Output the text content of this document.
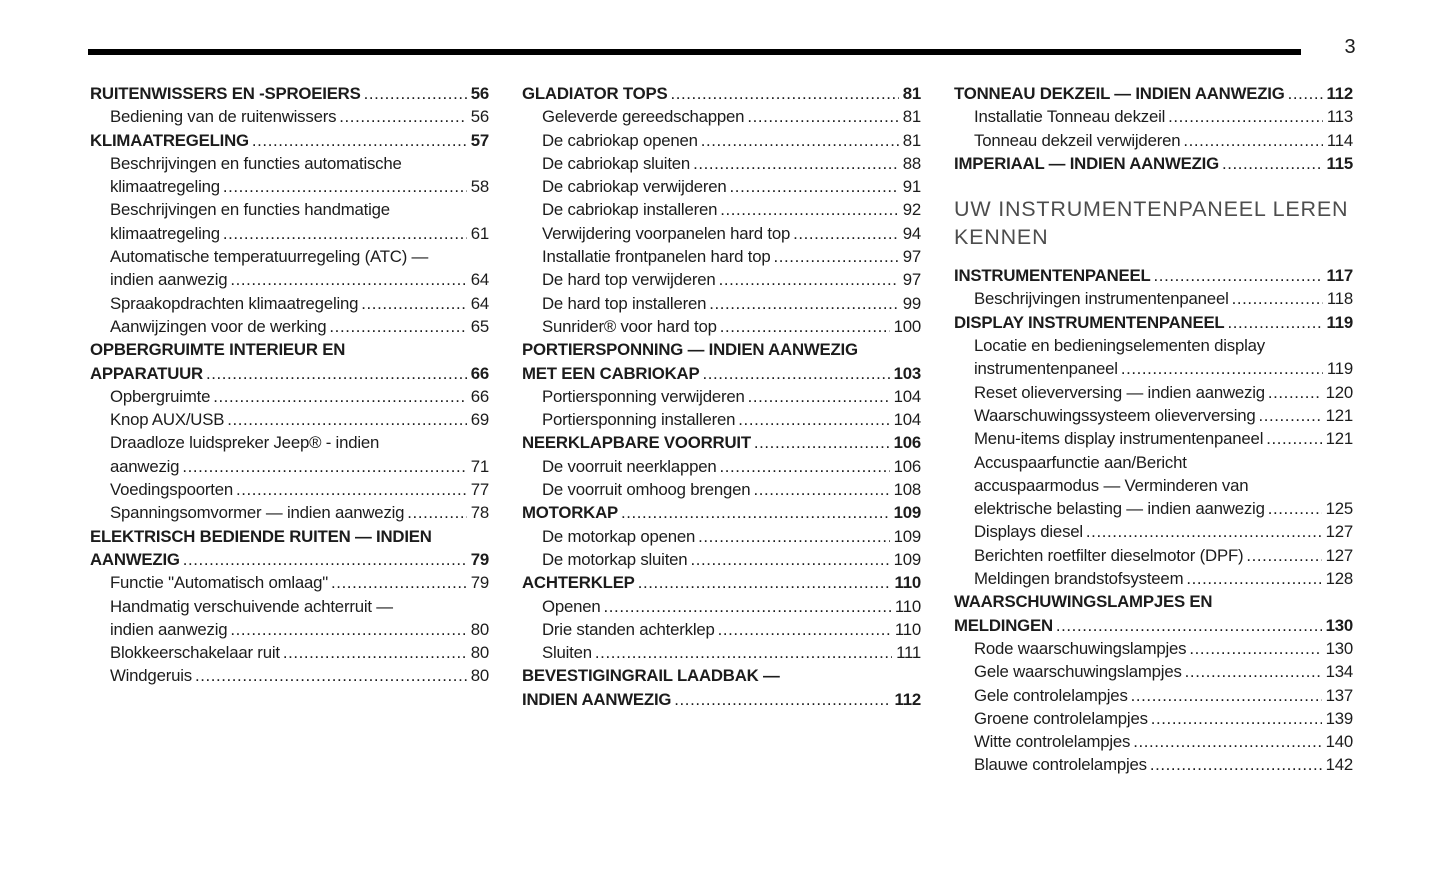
3
RUITENWISSERS EN -SPROEIERS .....	56
Bediening van de ruitenwissers .....	56
KLIMAATREGELING .....	57
Beschrijvingen en functies automatische
klimaatregeling .....	58
Beschrijvingen en functies handmatige
klimaatregeling .....	61
Automatische temperatuurregeling (ATC) —
indien aanwezig .....	64
Spraakopdrachten klimaatregeling .....	64
Aanwijzingen voor de werking .....	65
OPBERGRUIMTE INTERIEUR EN
APPARATUUR .....	66
Opbergruimte .....	66
Knop AUX/USB .....	69
Draadloze luidspreker Jeep® - indien
aanwezig .....	71
Voedingspoorten .....	77
Spanningsomvormer — indien aanwezig .....	78
ELEKTRISCH BEDIENDE RUITEN — INDIEN
AANWEZIG .....	79
Functie "Automatisch omlaag" .....	79
Handmatig verschuivende achterruit —
indien aanwezig .....	80
Blokkeerschakelaar ruit .....	80
Windgeruis .....	80
GLADIATOR TOPS .....	81
Geleverde gereedschappen .....	81
De cabriokap openen .....	81
De cabriokap sluiten .....	88
De cabriokap verwijderen .....	91
De cabriokap installeren .....	92
Verwijdering voorpanelen hard top .....	94
Installatie frontpanelen hard top .....	97
De hard top verwijderen .....	97
De hard top installeren .....	99
Sunrider® voor hard top .....	100
PORTIERSPONNING — INDIEN AANWEZIG
MET EEN CABRIOKAP .....	103
Portiersponning verwijderen .....	104
Portiersponning installeren .....	104
NEERKLAPBARE VOORRUIT .....	106
De voorruit neerklappen .....	106
De voorruit omhoog brengen .....	108
MOTORKAP .....	109
De motorkap openen .....	109
De motorkap sluiten .....	109
ACHTERKLEP .....	110
Openen .....	110
Drie standen achterklep .....	110
Sluiten .....	111
BEVESTIGINGRAIL LAADBAK —
INDIEN AANWEZIG .....	112
TONNEAU DEKZEIL — INDIEN AANWEZIG ..... 112
Installatie Tonneau dekzeil .....	113
Tonneau dekzeil verwijderen .....	114
IMPERIAAL — INDIEN AANWEZIG .....	115
UW INSTRUMENTENPANEEL LEREN
KENNEN
INSTRUMENTENPANEEL .....	117
Beschrijvingen instrumentenpaneel .....	118
DISPLAY INSTRUMENTENPANEEL .....	119
Locatie en bedieningselementen display
instrumentenpaneel .....	119
Reset olieverversing — indien aanwezig .....	120
Waarschuwingssysteem olieverversing .....	121
Menu-items display instrumentenpaneel .....	121
Accuspaarfunctie aan/Bericht
accuspaarmodus — Verminderen van
elektrische belasting — indien aanwezig .....	125
Displays diesel .....	127
Berichten roetfilter dieselmotor (DPF) .....	127
Meldingen brandstofsysteem .....	128
WAARSCHUWINGSLAMPJES EN
MELDINGEN .....	130
Rode waarschuwingslampjes .....	130
Gele waarschuwingslampjes .....	134
Gele controlelampjes .....	137
Groene controlelampjes .....	139
Witte controlelampjes .....	140
Blauwe controlelampjes .....	142
